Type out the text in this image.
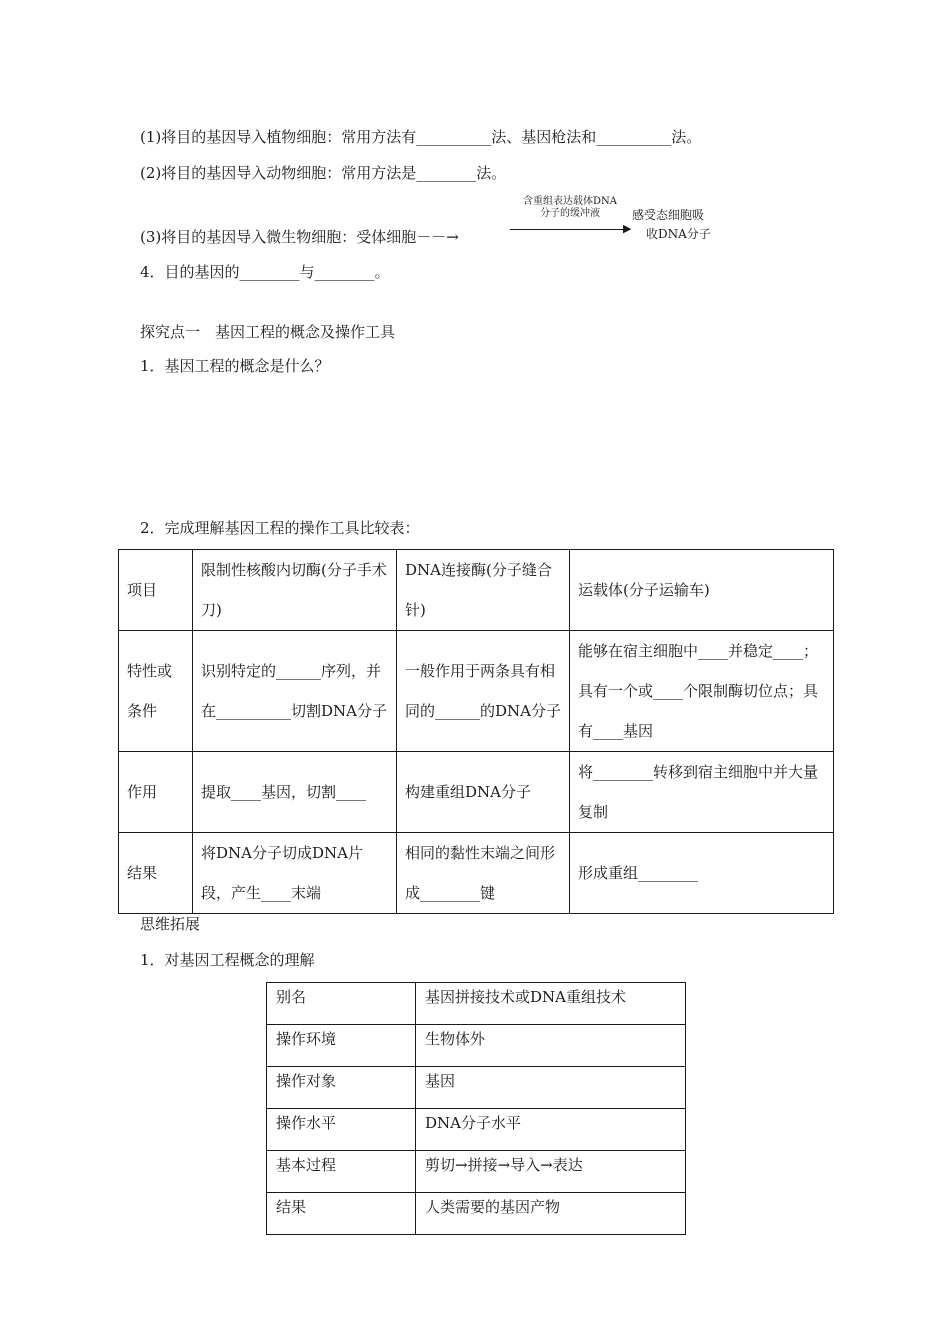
(1)将目的基因导入植物细胞：常用方法有__________法、基因枪法和__________法。
(2)将目的基因导入动物细胞：常用方法是________法。
(3)将目的基因导入微生物细胞：受体细胞－－→
含重组表达载体DNA
分子的缓冲液
▶
感受态细胞吸
收DNA分子
4．目的基因的________与________。
探究点一　基因工程的概念及操作工具
1．基因工程的概念是什么？
2．完成理解基因工程的操作工具比较表：
项目	限制性核酸内切酶(分子手术刀)	DNA连接酶(分子缝合针)	运载体(分子运输车)
特性或条件	识别特定的______序列，并在__________切割DNA分子	一般作用于两条具有相同的______的DNA分子	能够在宿主细胞中____并稳定____；具有一个或____个限制酶切位点；具有____基因
作用	提取____基因，切割____	构建重组DNA分子	将________转移到宿主细胞中并大量复制
结果	将DNA分子切成DNA片段，产生____末端	相同的黏性末端之间形成________键	形成重组________
思维拓展
1．对基因工程概念的理解
别名	基因拼接技术或DNA重组技术
操作环境	生物体外
操作对象	基因
操作水平	DNA分子水平
基本过程	剪切→拼接→导入→表达
结果	人类需要的基因产物
